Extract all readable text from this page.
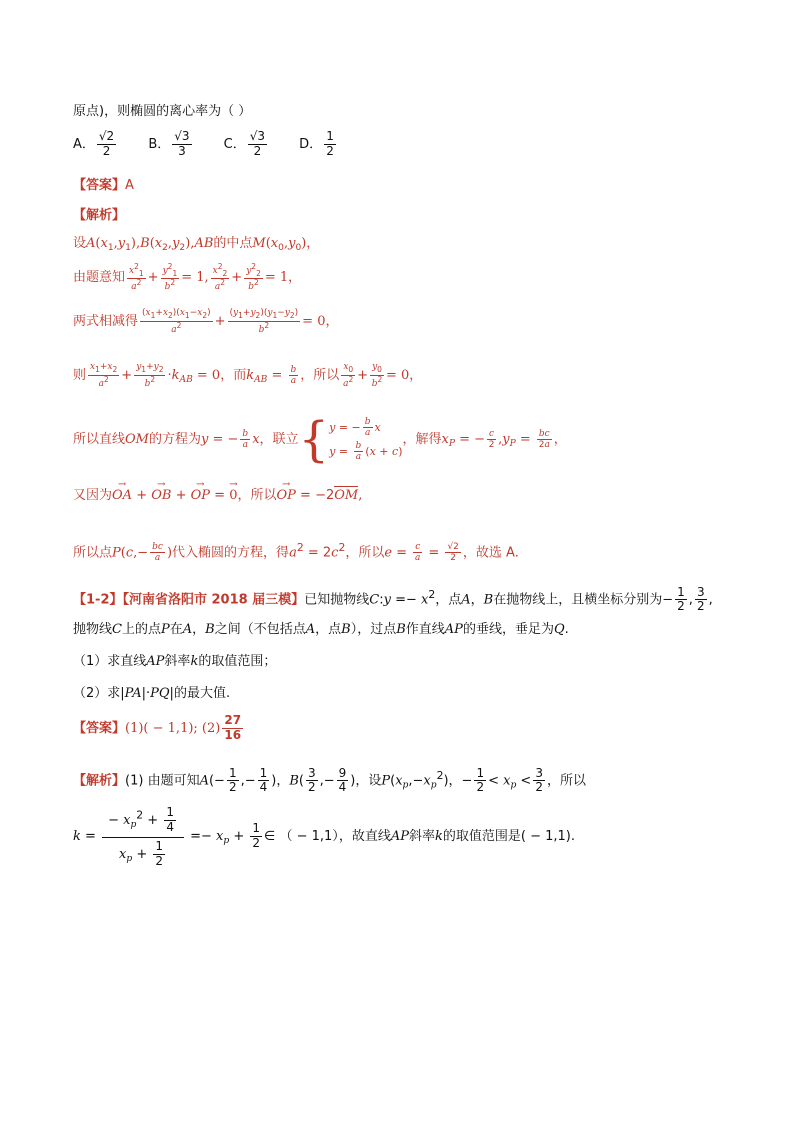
原点)，则椭圆的离心率为（ ）
A． $\frac{√2}{2}$ B． $\frac{√3}{3}$ C． $\frac{√3}{2}$ D． $\frac{1}{2}$
【答案】A
【解析】
设$A(x_1,y_1),B(x_2,y_2),AB$的中点$M(x_0,y_0)$，
由题意知 $\frac{x^2_1}{a^2} + \frac{y^2_1}{b^2} = 1$, $\frac{x^2_2}{a^2} + \frac{y^2_2}{b^2} = 1$，
两式相减得 $\frac{(x_1+x_2)(x_1-x_2)}{a^2} + \frac{(y_1+y_2)(y_1-y_2)}{b^2} = 0$，
则 $\frac{x_1+x_2}{a^2} + \frac{y_1+y_2}{b^2} \cdot k_{AB} = 0$，而$k_{AB} = \frac{b}{a}$ ，所以 $\frac{x_0}{a^2} + \frac{y_0}{b^2} = 0$，
所以直线OM的方程为y = − $\frac{b}{a}$ x，联立{ y = − $\frac{b}{a}$ x
$y = \frac{b}{a} (x + c)$
，解得$x_P$ = − $\frac{c}{2} ,y_P = \frac{bc}{2a}$ ，
又因为→ OA + → OB + → OP = → 0，所以→ OP = −2OM,
所以点$P(c,- \frac{bc}{a}$ )代入椭圆的方程，得$a^2 = 2c^2$，所以$e = \frac{c}{a} = \frac{√2}{2}$ ，故选 A.
【1-2】【河南省洛阳市 2018 届三模】已知抛物线C:y =− $x^2$，点A，B在抛物线上，且横坐标分别为− $\frac{1}{2}$ , $\frac{3}{2}$ ,
抛物线C上的点P在A，B之间（不包括点A，点B），过点B作直线AP的垂线，垂足为Q.
（1）求直线AP斜率k的取值范围；
（2）求|PA|·PQ|的最大值.
【答案】(1)( − 1,1); $(2) \frac{27}{16}$
【解析】(1) 由题可知$A(- \frac{1}{2}$ ,− $\frac{1}{4}$ )，$B( \frac{3}{2}$ ,− $\frac{9}{4}$ )，设$P(x_p,-x_p^2)$，− $\frac{1}{2} < x_p < \frac{3}{2}$ ，所以
$k = \frac{- x_p^2 + \frac{1}{4}}{x_p + \frac{1}{2}} =- x_p + \frac{1}{2}$ ∈ （ − 1,1），故直线AP斜率k的取值范围是( − 1,1).
